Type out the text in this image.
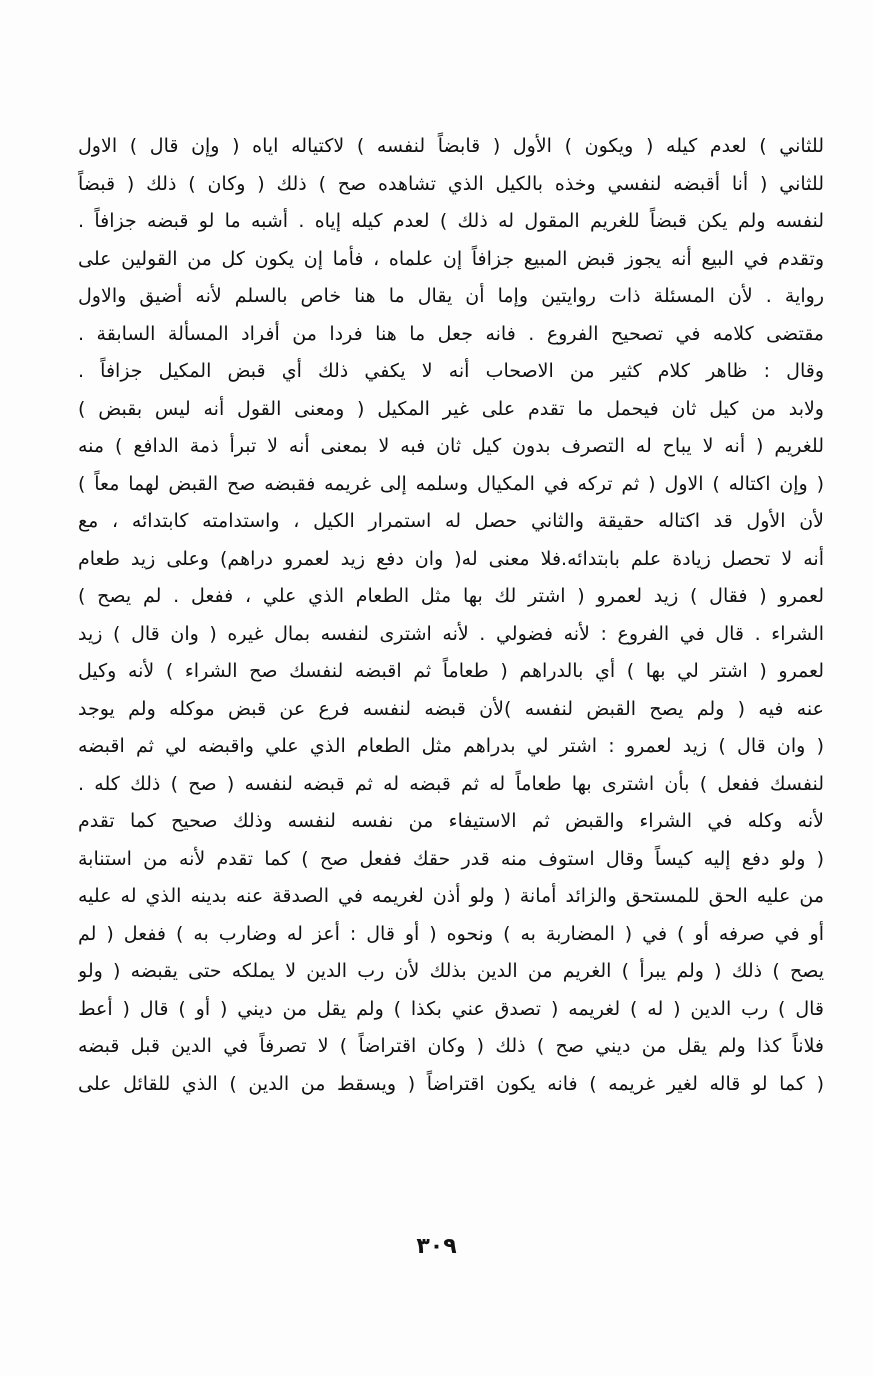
للثاني ) لعدم كيله ( ويكون ) الأول ( قابضاً لنفسه ) لاكتياله اياه ( وإن قال ) الاول
للثاني ( أنا أقبضه لنفسي وخذه بالكيل الذي تشاهده صح ) ذلك ( وكان ) ذلك ( قبضاً
لنفسه ولم يكن قبضاً للغريم المقول له ذلك ) لعدم كيله إياه . أشبه ما لو قبضه جزافاً .
وتقدم في البيع أنه يجوز قبض المبيع جزافاً إن علماه ، فأما إن يكون كل من القولين على
رواية . لأن المسئلة ذات روايتين وإما أن يقال ما هنا خاص بالسلم لأنه أضيق والاول
مقتضى كلامه في تصحيح الفروع . فانه جعل ما هنا فردا من أفراد المسألة السابقة .
وقال : ظاهر كلام كثير من الاصحاب أنه لا يكفي ذلك أي قبض المكيل جزافاً .
ولابد من كيل ثان فيحمل ما تقدم على غير المكيل ( ومعنى القول أنه ليس بقبض )
للغريم ( أنه لا يباح له التصرف بدون كيل ثان فبه لا بمعنى أنه لا تبرأ ذمة الدافع ) منه
( وإن اكتاله ) الاول ( ثم تركه في المكيال وسلمه إلى غريمه فقبضه صح القبض لهما معاً )
لأن الأول قد اكتاله حقيقة والثاني حصل له استمرار الكيل ، واستدامته كابتدائه ، مع
أنه لا تحصل زيادة علم بابتدائه.فلا معنى له( وان دفع زيد لعمرو دراهم) وعلى زيد طعام
لعمرو ( فقال ) زيد لعمرو ( اشتر لك بها مثل الطعام الذي علي ، ففعل . لم يصح )
الشراء . قال في الفروع : لأنه فضولي . لأنه اشترى لنفسه بمال غيره ( وان قال ) زيد
لعمرو ( اشتر لي بها ) أي بالدراهم ( طعاماً ثم اقبضه لنفسك صح الشراء ) لأنه وكيل
عنه فيه ( ولم يصح القبض لنفسه )لأن قبضه لنفسه فرع عن قبض موكله ولم يوجد
( وان قال ) زيد لعمرو : اشتر لي بدراهم مثل الطعام الذي علي واقبضه لي ثم اقبضه
لنفسك ففعل ) بأن اشترى بها طعاماً له ثم قبضه له ثم قبضه لنفسه ( صح ) ذلك كله .
لأنه وكله في الشراء والقبض ثم الاستيفاء من نفسه لنفسه وذلك صحيح كما تقدم
( ولو دفع إليه كيساً وقال استوف منه قدر حقك ففعل صح ) كما تقدم لأنه من استنابة
من عليه الحق للمستحق والزائد أمانة ( ولو أذن لغريمه في الصدقة عنه بدينه الذي له عليه
أو في صرفه أو ) في ( المضاربة به ) ونحوه ( أو قال : أعز له وضارب به ) ففعل ( لم
يصح ) ذلك ( ولم يبرأ ) الغريم من الدين بذلك لأن رب الدين لا يملكه حتى يقبضه ( ولو
قال ) رب الدين ( له ) لغريمه ( تصدق عني بكذا ) ولم يقل من ديني ( أو ) قال ( أعط
فلاناً كذا ولم يقل من ديني صح ) ذلك ( وكان اقتراضاً ) لا تصرفاً في الدين قبل قبضه
( كما لو قاله لغير غريمه ) فانه يكون اقتراضاً ( ويسقط من الدين ) الذي للقائل على
٣٠٩
